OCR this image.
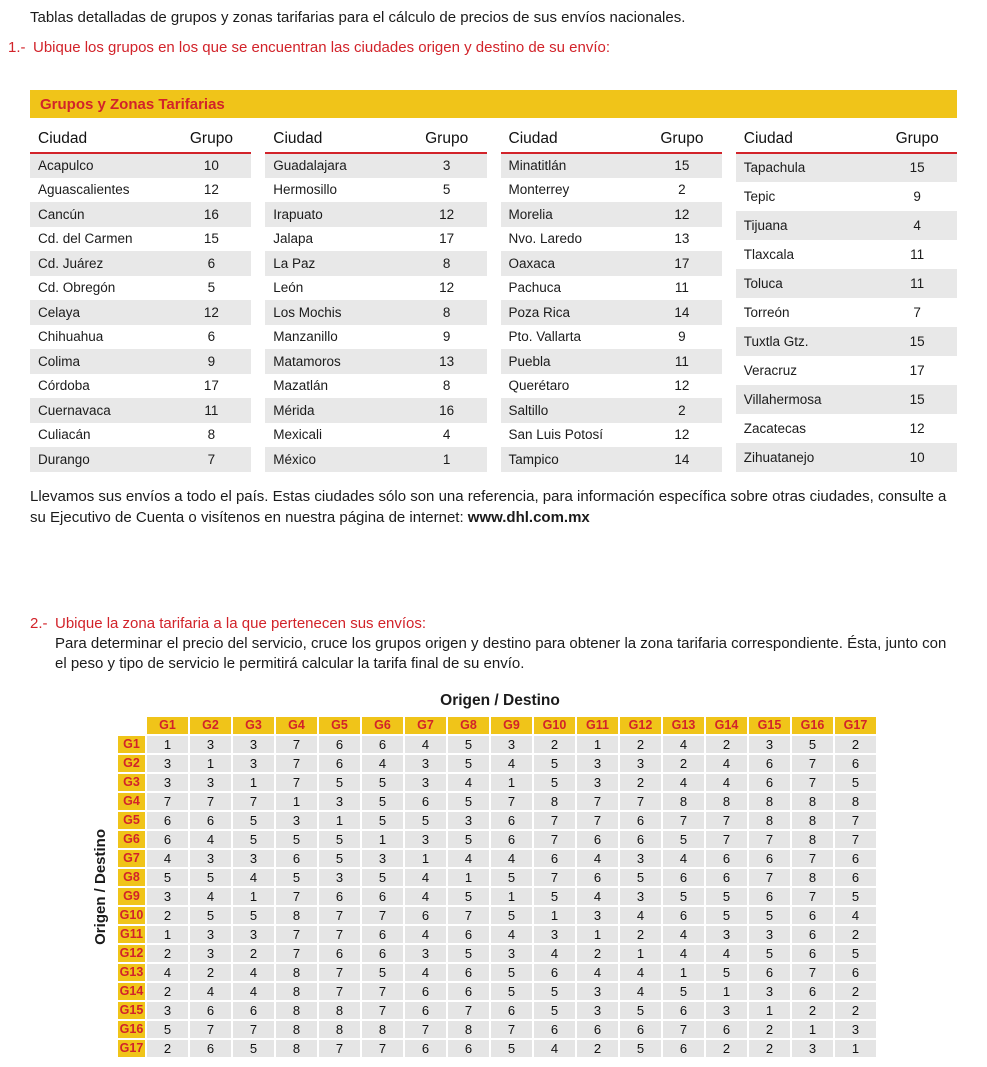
Tablas detalladas de grupos y zonas tarifarias para el cálculo de precios de sus envíos nacionales.

1.- Ubique los grupos en los que se encuentran las ciudades origen y destino de su envío:
Grupos y Zonas Tarifarias
Ciudad	Grupo
Acapulco	10
Aguascalientes	12
Cancún	16
Cd. del Carmen	15
Cd. Juárez	6
Cd. Obregón	5
Celaya	12
Chihuahua	6
Colima	9
Córdoba	17
Cuernavaca	11
Culiacán	8
Durango	7
Ciudad	Grupo
Guadalajara	3
Hermosillo	5
Irapuato	12
Jalapa	17
La Paz	8
León	12
Los Mochis	8
Manzanillo	9
Matamoros	13
Mazatlán	8
Mérida	16
Mexicali	4
México	1
Ciudad	Grupo
Minatitlán	15
Monterrey	2
Morelia	12
Nvo. Laredo	13
Oaxaca	17
Pachuca	11
Poza Rica	14
Pto. Vallarta	9
Puebla	11
Querétaro	12
Saltillo	2
San Luis Potosí	12
Tampico	14
Ciudad	Grupo
Tapachula	15
Tepic	9
Tijuana	4
Tlaxcala	11
Toluca	11
Torreón	7
Tuxtla Gtz.	15
Veracruz	17
Villahermosa	15
Zacatecas	12
Zihuatanejo	10

Llevamos sus envíos a todo el país. Estas ciudades sólo son una referencia, para información específica sobre otras ciudades, consulte a su Ejecutivo de Cuenta o visítenos en nuestra página de internet: www.dhl.com.mx

2.- Ubique la zona tarifaria a la que pertenecen sus envíos:

Para determinar el precio del servicio, cruce los grupos origen y destino para obtener la zona tarifaria correspondiente. Ésta, junto con el peso y tipo de servicio le permitirá calcular la tarifa final de su envío.

Origen / Destino
Origen / Destino
	G1	G2	G3	G4	G5	G6	G7	G8	G9	G10	G11	G12	G13	G14	G15	G16	G17
G1	1	3	3	7	6	6	4	5	3	2	1	2	4	2	3	5	2
G2	3	1	3	7	6	4	3	5	4	5	3	3	2	4	6	7	6
G3	3	3	1	7	5	5	3	4	1	5	3	2	4	4	6	7	5
G4	7	7	7	1	3	5	6	5	7	8	7	7	8	8	8	8	8
G5	6	6	5	3	1	5	5	3	6	7	7	6	7	7	8	8	7
G6	6	4	5	5	5	1	3	5	6	7	6	6	5	7	7	8	7
G7	4	3	3	6	5	3	1	4	4	6	4	3	4	6	6	7	6
G8	5	5	4	5	3	5	4	1	5	7	6	5	6	6	7	8	6
G9	3	4	1	7	6	6	4	5	1	5	4	3	5	5	6	7	5
G10	2	5	5	8	7	7	6	7	5	1	3	4	6	5	5	6	4
G11	1	3	3	7	7	6	4	6	4	3	1	2	4	3	3	6	2
G12	2	3	2	7	6	6	3	5	3	4	2	1	4	4	5	6	5
G13	4	2	4	8	7	5	4	6	5	6	4	4	1	5	6	7	6
G14	2	4	4	8	7	7	6	6	5	5	3	4	5	1	3	6	2
G15	3	6	6	8	8	7	6	7	6	5	3	5	6	3	1	2	2
G16	5	7	7	8	8	8	7	8	7	6	6	6	7	6	2	1	3
G17	2	6	5	8	7	7	6	6	5	4	2	5	6	2	2	3	1
